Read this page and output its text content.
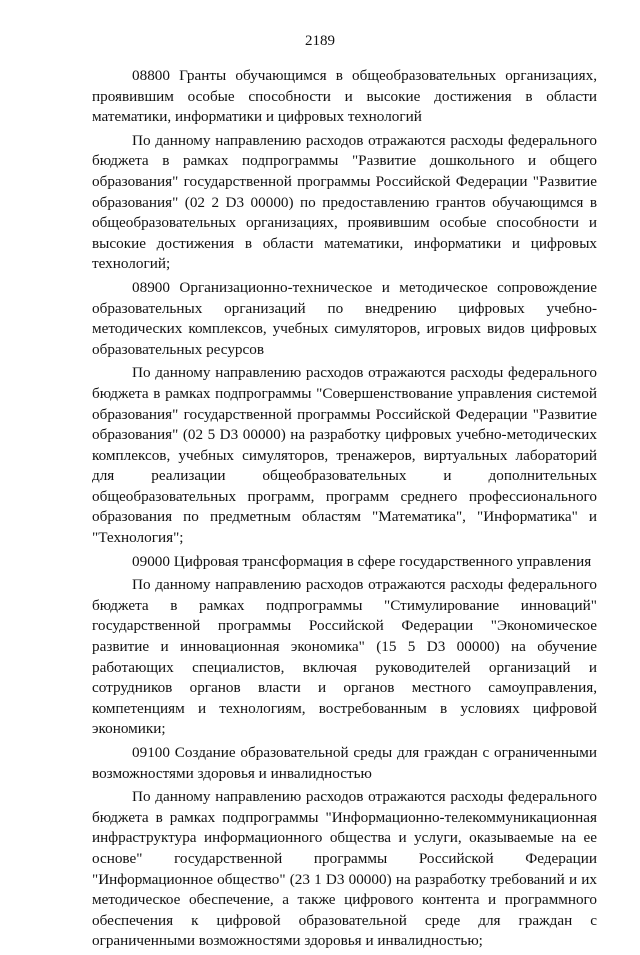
2189

08800 Гранты обучающимся в общеобразовательных организациях, проявившим особые способности и высокие достижения в области математики, информатики и цифровых технологий

По данному направлению расходов отражаются расходы федерального бюджета в рамках подпрограммы "Развитие дошкольного и общего образования" государственной программы Российской Федерации "Развитие образования" (02 2 D3 00000) по предоставлению грантов обучающимся в общеобразовательных организациях, проявившим особые способности и высокие достижения в области математики, информатики и цифровых технологий;

08900 Организационно-техническое и методическое сопровождение образовательных организаций по внедрению цифровых учебно-методических комплексов, учебных симуляторов, игровых видов цифровых образовательных ресурсов

По данному направлению расходов отражаются расходы федерального бюджета в рамках подпрограммы "Совершенствование управления системой образования" государственной программы Российской Федерации "Развитие образования" (02 5 D3 00000) на разработку цифровых учебно-методических комплексов, учебных симуляторов, тренажеров, виртуальных лабораторий для реализации общеобразовательных и дополнительных общеобразовательных программ, программ среднего профессионального образования по предметным областям "Математика", "Информатика" и "Технология";

09000 Цифровая трансформация в сфере государственного управления

По данному направлению расходов отражаются расходы федерального бюджета в рамках подпрограммы "Стимулирование инноваций" государственной программы Российской Федерации "Экономическое развитие и инновационная экономика" (15 5 D3 00000) на обучение работающих специалистов, включая руководителей организаций и сотрудников органов власти и органов местного самоуправления, компетенциям и технологиям, востребованным в условиях цифровой экономики;

09100 Создание образовательной среды для граждан с ограниченными возможностями здоровья и инвалидностью

По данному направлению расходов отражаются расходы федерального бюджета в рамках подпрограммы "Информационно-телекоммуникационная инфраструктура информационного общества и услуги, оказываемые на ее основе" государственной программы Российской Федерации "Информационное общество" (23 1 D3 00000) на разработку требований и их методическое обеспечение, а также цифрового контента и программного обеспечения к цифровой образовательной среде для граждан с ограниченными возможностями здоровья и инвалидностью;
